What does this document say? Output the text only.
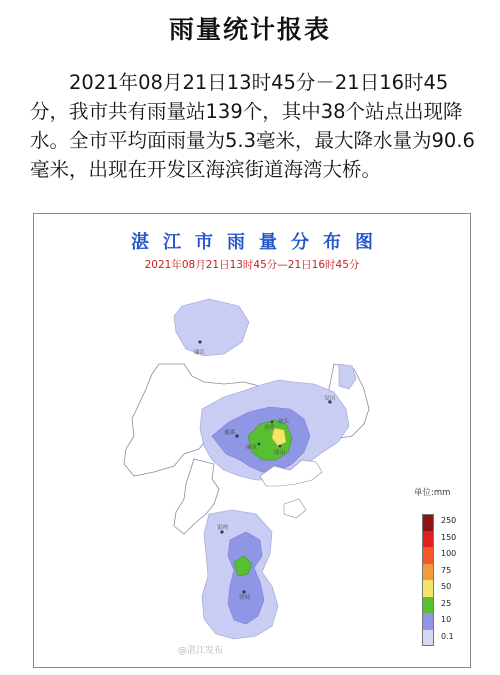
雨量统计报表
2021年08月21日13时45分－21日16时45分，我市共有雨量站139个，其中38个站点出现降水。全市平均面雨量为5.3毫米，最大降水量为90.6毫米，出现在开发区海滨街道海湾大桥。
廉江
遂溪
吴川
坡头
赤坎
霞山
麻章
雷州
徐闻
湛江市雨量分布图
2021年08月21日13时45分—21日16时45分
单位:mm
250
150
100
75
50
25
10
0.1
@湛江发布
